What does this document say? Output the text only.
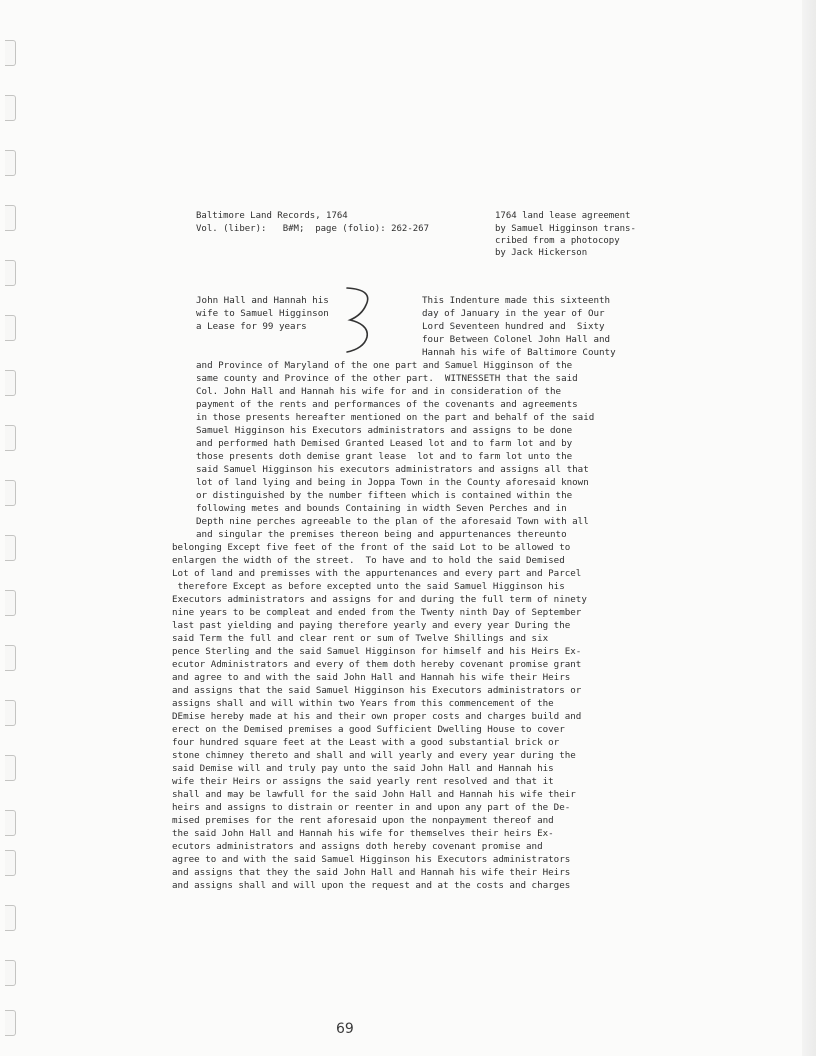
Baltimore Land Records, 1764
Vol. (liber):   B#M;  page (folio): 262-267
1764 land lease agreement
by Samuel Higginson trans-
cribed from a photocopy
by Jack Hickerson
John Hall and Hannah his
wife to Samuel Higginson
a Lease for 99 years
This Indenture made this sixteenth
day of January in the year of Our
Lord Seventeen hundred and  Sixty
four Between Colonel John Hall and
Hannah his wife of Baltimore County
and Province of Maryland of the one part and Samuel Higginson of the
same county and Province of the other part.  WITNESSETH that the said
Col. John Hall and Hannah his wife for and in consideration of the
payment of the rents and performances of the covenants and agreements
in those presents hereafter mentioned on the part and behalf of the said
Samuel Higginson his Executors administrators and assigns to be done
and performed hath Demised Granted Leased lot and to farm lot and by
those presents doth demise grant lease  lot and to farm lot unto the
said Samuel Higginson his executors administrators and assigns all that
lot of land lying and being in Joppa Town in the County aforesaid known
or distinguished by the number fifteen which is contained within the
following metes and bounds Containing in width Seven Perches and in
Depth nine perches agreeable to the plan of the aforesaid Town with all
and singular the premises thereon being and appurtenances thereunto
belonging Except five feet of the front of the said Lot to be allowed to
enlargen the width of the street.  To have and to hold the said Demised
Lot of land and premisses with the appurtenances and every part and Parcel
therefore Except as before excepted unto the said Samuel Higginson his
Executors administrators and assigns for and during the full term of ninety
nine years to be compleat and ended from the Twenty ninth Day of September
last past yielding and paying therefore yearly and every year During the
said Term the full and clear rent or sum of Twelve Shillings and six
pence Sterling and the said Samuel Higginson for himself and his Heirs Ex-
ecutor Administrators and every of them doth hereby covenant promise grant
and agree to and with the said John Hall and Hannah his wife their Heirs
and assigns that the said Samuel Higginson his Executors administrators or
assigns shall and will within two Years from this commencement of the
DEmise hereby made at his and their own proper costs and charges build and
erect on the Demised premises a good Sufficient Dwelling House to cover
four hundred square feet at the Least with a good substantial brick or
stone chimney thereto and shall and will yearly and every year during the
said Demise will and truly pay unto the said John Hall and Hannah his
wife their Heirs or assigns the said yearly rent resolved and that it
shall and may be lawfull for the said John Hall and Hannah his wife their
heirs and assigns to distrain or reenter in and upon any part of the De-
mised premises for the rent aforesaid upon the nonpayment thereof and
the said John Hall and Hannah his wife for themselves their heirs Ex-
ecutors administrators and assigns doth hereby covenant promise and
agree to and with the said Samuel Higginson his Executors administrators
and assigns that they the said John Hall and Hannah his wife their Heirs
and assigns shall and will upon the request and at the costs and charges
69
